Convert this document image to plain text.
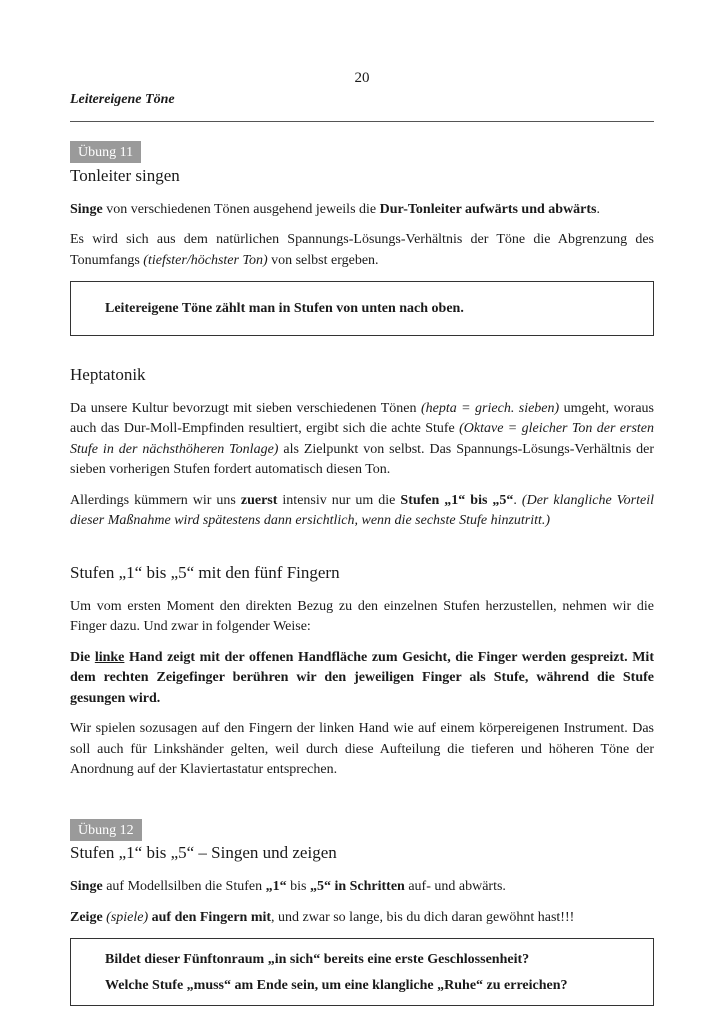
20
Leitereigene Töne
Übung 11
Tonleiter singen

Singe von verschiedenen Tönen ausgehend jeweils die Dur-Tonleiter aufwärts und abwärts.

Es wird sich aus dem natürlichen Spannungs-Lösungs-Verhältnis der Töne die Abgrenzung des Tonumfangs (tiefster/höchster Ton) von selbst ergeben.

Leitereigene Töne zählt man in Stufen von unten nach oben.
Heptatonik

Da unsere Kultur bevorzugt mit sieben verschiedenen Tönen (hepta = griech. sieben) umgeht, woraus auch das Dur-Moll-Empfinden resultiert, ergibt sich die achte Stufe (Oktave = gleicher Ton der ersten Stufe in der nächsthöheren Tonlage) als Zielpunkt von selbst. Das Spannungs-Lösungs-Verhältnis der sieben vorherigen Stufen fordert automatisch diesen Ton.

Allerdings kümmern wir uns zuerst intensiv nur um die Stufen „1“ bis „5“. (Der klangliche Vorteil dieser Maßnahme wird spätestens dann ersichtlich, wenn die sechste Stufe hinzutritt.)

Stufen „1“ bis „5“ mit den fünf Fingern

Um vom ersten Moment den direkten Bezug zu den einzelnen Stufen herzustellen, nehmen wir die Finger dazu. Und zwar in folgender Weise:

Die linke Hand zeigt mit der offenen Handfläche zum Gesicht, die Finger werden gespreizt. Mit dem rechten Zeigefinger berühren wir den jeweiligen Finger als Stufe, während die Stufe gesungen wird.

Wir spielen sozusagen auf den Fingern der linken Hand wie auf einem körpereigenen Instrument. Das soll auch für Linkshänder gelten, weil durch diese Aufteilung die tieferen und höheren Töne der Anordnung auf der Klaviertastatur entsprechen.

Übung 12
Stufen „1“ bis „5“ – Singen und zeigen

Singe auf Modellsilben die Stufen „1“ bis „5“ in Schritten auf- und abwärts.

Zeige (spiele) auf den Fingern mit, und zwar so lange, bis du dich daran gewöhnt hast!!!

Bildet dieser Fünftonraum „in sich“ bereits eine erste Geschlossenheit?
Welche Stufe „muss“ am Ende sein, um eine klangliche „Ruhe“ zu erreichen?
